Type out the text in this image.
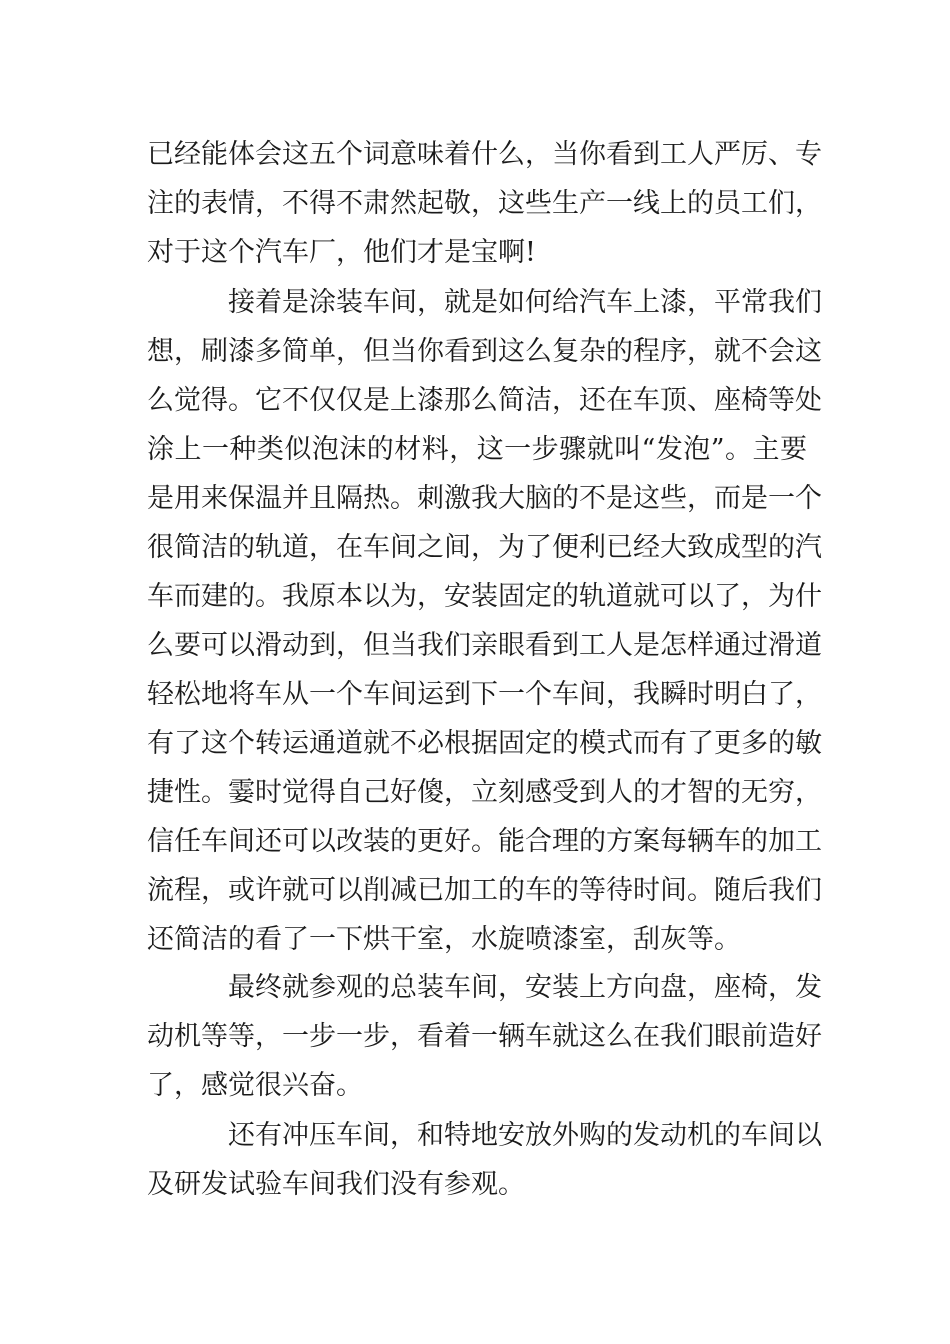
已经能体会这五个词意味着什么，当你看到工人严厉、专
注的表情，不得不肃然起敬，这些生产一线上的员工们，
对于这个汽车厂，他们才是宝啊!
接着是涂装车间，就是如何给汽车上漆，平常我们
想，刷漆多简单，但当你看到这么复杂的程序，就不会这
么觉得。它不仅仅是上漆那么简洁，还在车顶、座椅等处
涂上一种类似泡沫的材料，这一步骤就叫“发泡”。主要
是用来保温并且隔热。刺激我大脑的不是这些，而是一个
很简洁的轨道，在车间之间，为了便利已经大致成型的汽
车而建的。我原本以为，安装固定的轨道就可以了，为什
么要可以滑动到，但当我们亲眼看到工人是怎样通过滑道
轻松地将车从一个车间运到下一个车间，我瞬时明白了，
有了这个转运通道就不必根据固定的模式而有了更多的敏
捷性。霎时觉得自己好傻，立刻感受到人的才智的无穷，
信任车间还可以改装的更好。能合理的方案每辆车的加工
流程，或许就可以削减已加工的车的等待时间。随后我们
还简洁的看了一下烘干室，水旋喷漆室，刮灰等。
最终就参观的总装车间，安装上方向盘，座椅，发
动机等等，一步一步，看着一辆车就这么在我们眼前造好
了，感觉很兴奋。
还有冲压车间，和特地安放外购的发动机的车间以
及研发试验车间我们没有参观。
